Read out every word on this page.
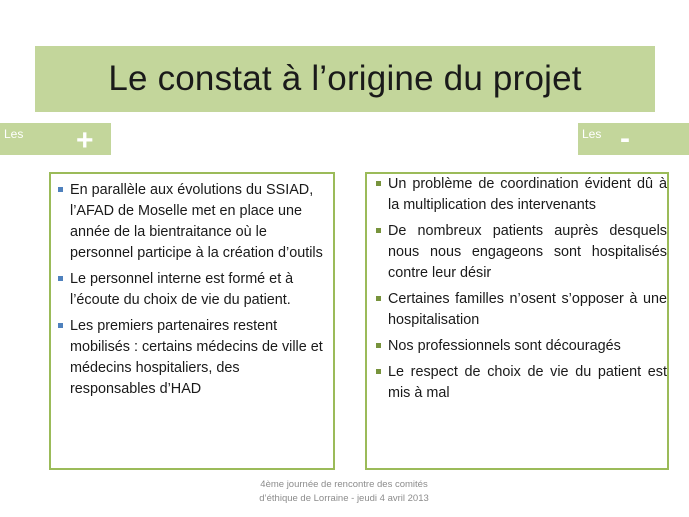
Le constat à l’origine du projet
Les +	Les -
En parallèle aux évolutions du SSIAD, l’AFAD de Moselle met en place une année de la bientraitance où le personnel participe à la création d’outils
Le personnel interne est formé et à l’écoute du choix de vie du patient.
Les premiers partenaires restent mobilisés : certains médecins de ville et médecins hospitaliers, des responsables d’HAD
Un problème de coordination évident dû à la multiplication des intervenants
De nombreux patients auprès desquels nous nous engageons sont hospitalisés contre leur désir
Certaines familles n’osent s’opposer à une hospitalisation
Nos professionnels sont découragés
Le respect de choix de vie du patient est mis à mal
4ème journée de rencontre des comités
d’éthique de Lorraine - jeudi 4 avril 2013
